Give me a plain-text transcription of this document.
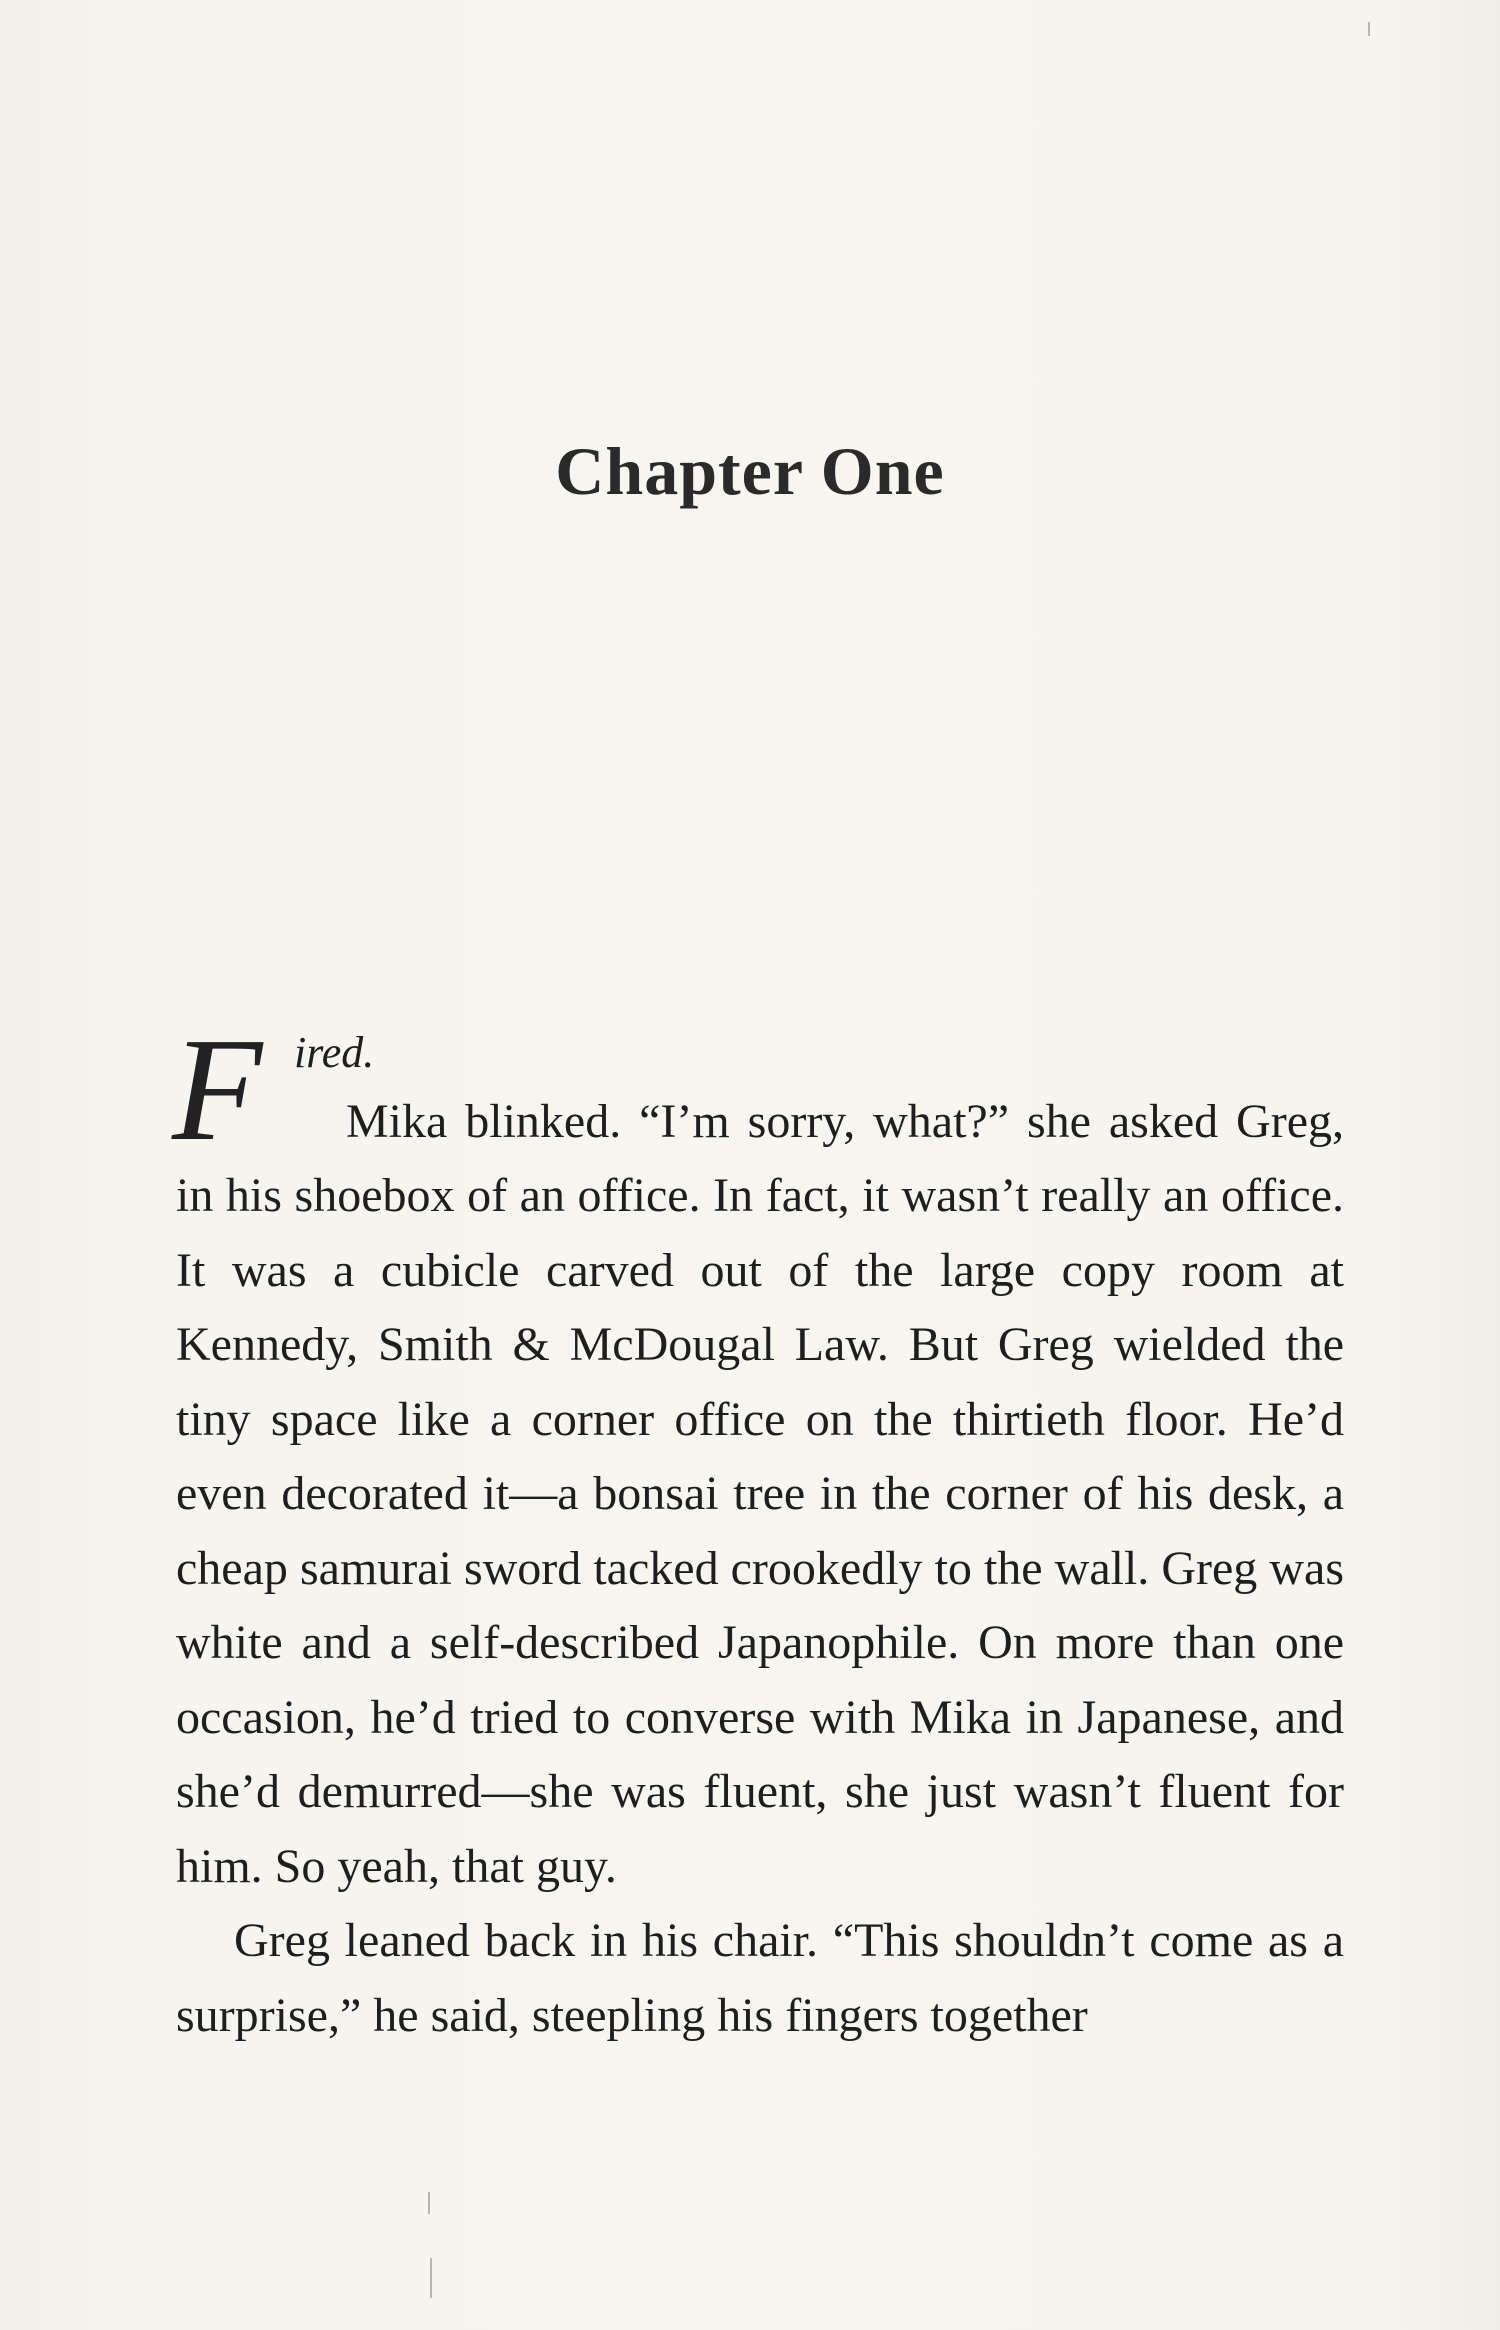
Chapter One
F ired.

Mika blinked. “I’m sorry, what?” she asked Greg, in his shoebox of an office. In fact, it wasn’t really an office. It was a cubicle carved out of the large copy room at Kennedy, Smith & McDougal Law. But Greg wielded the tiny space like a corner office on the thirtieth floor. He’d even decorated it—a bonsai tree in the corner of his desk, a cheap samurai sword tacked crookedly to the wall. Greg was white and a self-described Japanophile. On more than one occasion, he’d tried to converse with Mika in Japanese, and she’d demurred—she was fluent, she just wasn’t fluent for him. So yeah, that guy.

Greg leaned back in his chair. “This shouldn’t come as a surprise,” he said, steepling his fingers together
